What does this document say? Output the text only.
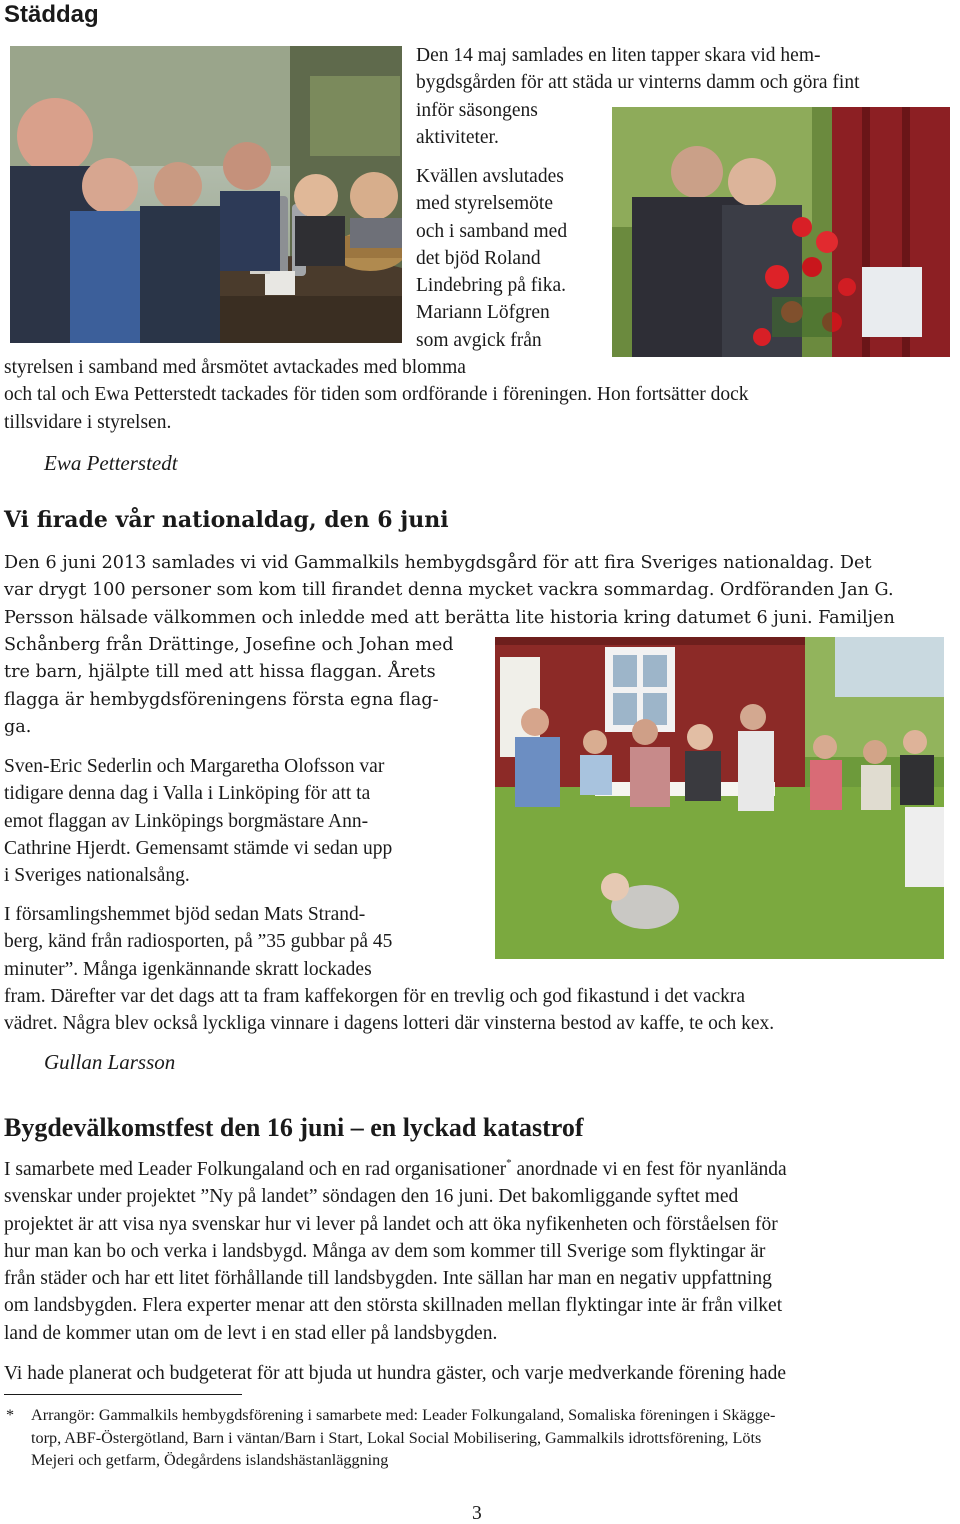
Städdag
Den 14 maj samlades en liten tapper skara vid hem-
bygdsgården för att städa ur vinterns damm och göra fint
inför säsongens
aktiviteter.
Kvällen avslutades
med styrelsemöte
och i samband med
det bjöd Roland
Lindebring på fika.
Mariann Löfgren
som avgick från
styrelsen i samband med årsmötet avtackades med blomma
och tal och Ewa Petterstedt tackades för tiden som ordförande i föreningen. Hon fortsätter dock
tillsvidare i styrelsen.
Ewa Petterstedt
Vi firade vår nationaldag, den 6 juni
Den 6 juni 2013 samlades vi vid Gammalkils hembygdsgård för att fira Sveriges nationaldag. Det
var drygt 100 personer som kom till firandet denna mycket vackra sommardag. Ordföranden Jan G.
Persson hälsade välkommen och inledde med att berätta lite historia kring datumet 6 juni. Familjen
Schånberg från Drättinge, Josefine och Johan med
tre barn, hjälpte till med att hissa flaggan. Årets
flagga är hembygdsföreningens första egna flag-
ga.
Sven-Eric Sederlin och Margaretha Olofsson var
tidigare denna dag i Valla i Linköping för att ta
emot flaggan av Linköpings borgmästare Ann-
Cathrine Hjerdt. Gemensamt stämde vi sedan upp
i Sveriges nationalsång.
I församlingshemmet bjöd sedan Mats Strand-
berg, känd från radiosporten, på ”35 gubbar på 45
minuter”. Många igenkännande skratt lockades
fram. Därefter var det dags att ta fram kaffekorgen för en trevlig och god fikastund i det vackra
vädret. Några blev också lyckliga vinnare i dagens lotteri där vinsterna bestod av kaffe, te och kex.
Gullan Larsson
Bygdevälkomstfest den 16 juni – en lyckad katastrof
I samarbete med Leader Folkungaland och en rad organisationer* anordnade vi en fest för nyanlända
svenskar under projektet ”Ny på landet” söndagen den 16 juni. Det bakomliggande syftet med
projektet är att visa nya svenskar hur vi lever på landet och att öka nyfikenheten och förståelsen för
hur man kan bo och verka i landsbygd. Många av dem som kommer till Sverige som flyktingar är
från städer och har ett litet förhållande till landsbygden. Inte sällan har man en negativ uppfattning
om landsbygden. Flera experter menar att den största skillnaden mellan flyktingar inte är från vilket
land de kommer utan om de levt i en stad eller på landsbygden.
Vi hade planerat och budgeterat för att bjuda ut hundra gäster, och varje medverkande förening hade
* Arrangör: Gammalkils hembygdsförening i samarbete med: Leader Folkungaland, Somaliska föreningen i Skägge-
torp, ABF-Östergötland, Barn i väntan/Barn i Start, Lokal Social Mobilisering, Gammalkils idrottsförening, Löts
Mejeri och getfarm, Ödegårdens islandshästanläggning
3
